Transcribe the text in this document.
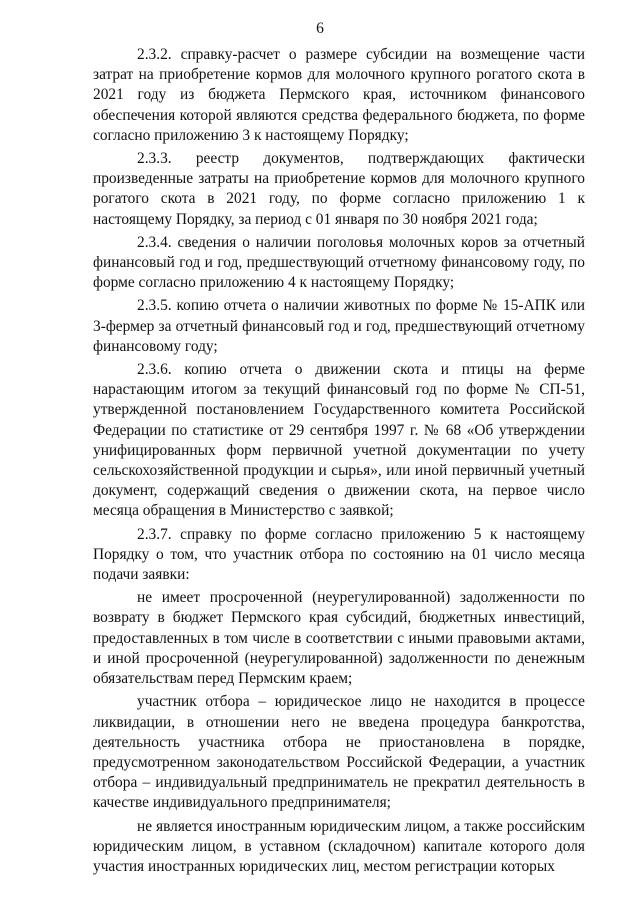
6

2.3.2. справку-расчет о размере субсидии на возмещение части затрат на приобретение кормов для молочного крупного рогатого скота в 2021 году из бюджета Пермского края, источником финансового обеспечения которой являются средства федерального бюджета, по форме согласно приложению 3 к настоящему Порядку;

2.3.3. реестр документов, подтверждающих фактически произведенные затраты на приобретение кормов для молочного крупного рогатого скота в 2021 году, по форме согласно приложению 1 к настоящему Порядку, за период с 01 января по 30 ноября 2021 года;

2.3.4. сведения о наличии поголовья молочных коров за отчетный финансовый год и год, предшествующий отчетному финансовому году, по форме согласно приложению 4 к настоящему Порядку;

2.3.5. копию отчета о наличии животных по форме № 15-АПК или 3-фермер за отчетный финансовый год и год, предшествующий отчетному финансовому году;

2.3.6. копию отчета о движении скота и птицы на ферме нарастающим итогом за текущий финансовый год по форме № СП-51, утвержденной постановлением Государственного комитета Российской Федерации по статистике от 29 сентября 1997 г. № 68 «Об утверждении унифицированных форм первичной учетной документации по учету сельскохозяйственной продукции и сырья», или иной первичный учетный документ, содержащий сведения о движении скота, на первое число месяца обращения в Министерство с заявкой;

2.3.7. справку по форме согласно приложению 5 к настоящему Порядку о том, что участник отбора по состоянию на 01 число месяца подачи заявки:

не имеет просроченной (неурегулированной) задолженности по возврату в бюджет Пермского края субсидий, бюджетных инвестиций, предоставленных в том числе в соответствии с иными правовыми актами, и иной просроченной (неурегулированной) задолженности по денежным обязательствам перед Пермским краем;

участник отбора – юридическое лицо не находится в процессе ликвидации, в отношении него не введена процедура банкротства, деятельность участника отбора не приостановлена в порядке, предусмотренном законодательством Российской Федерации, а участник отбора – индивидуальный предприниматель не прекратил деятельность в качестве индивидуального предпринимателя;

не является иностранным юридическим лицом, а также российским юридическим лицом, в уставном (складочном) капитале которого доля участия иностранных юридических лиц, местом регистрации которых
